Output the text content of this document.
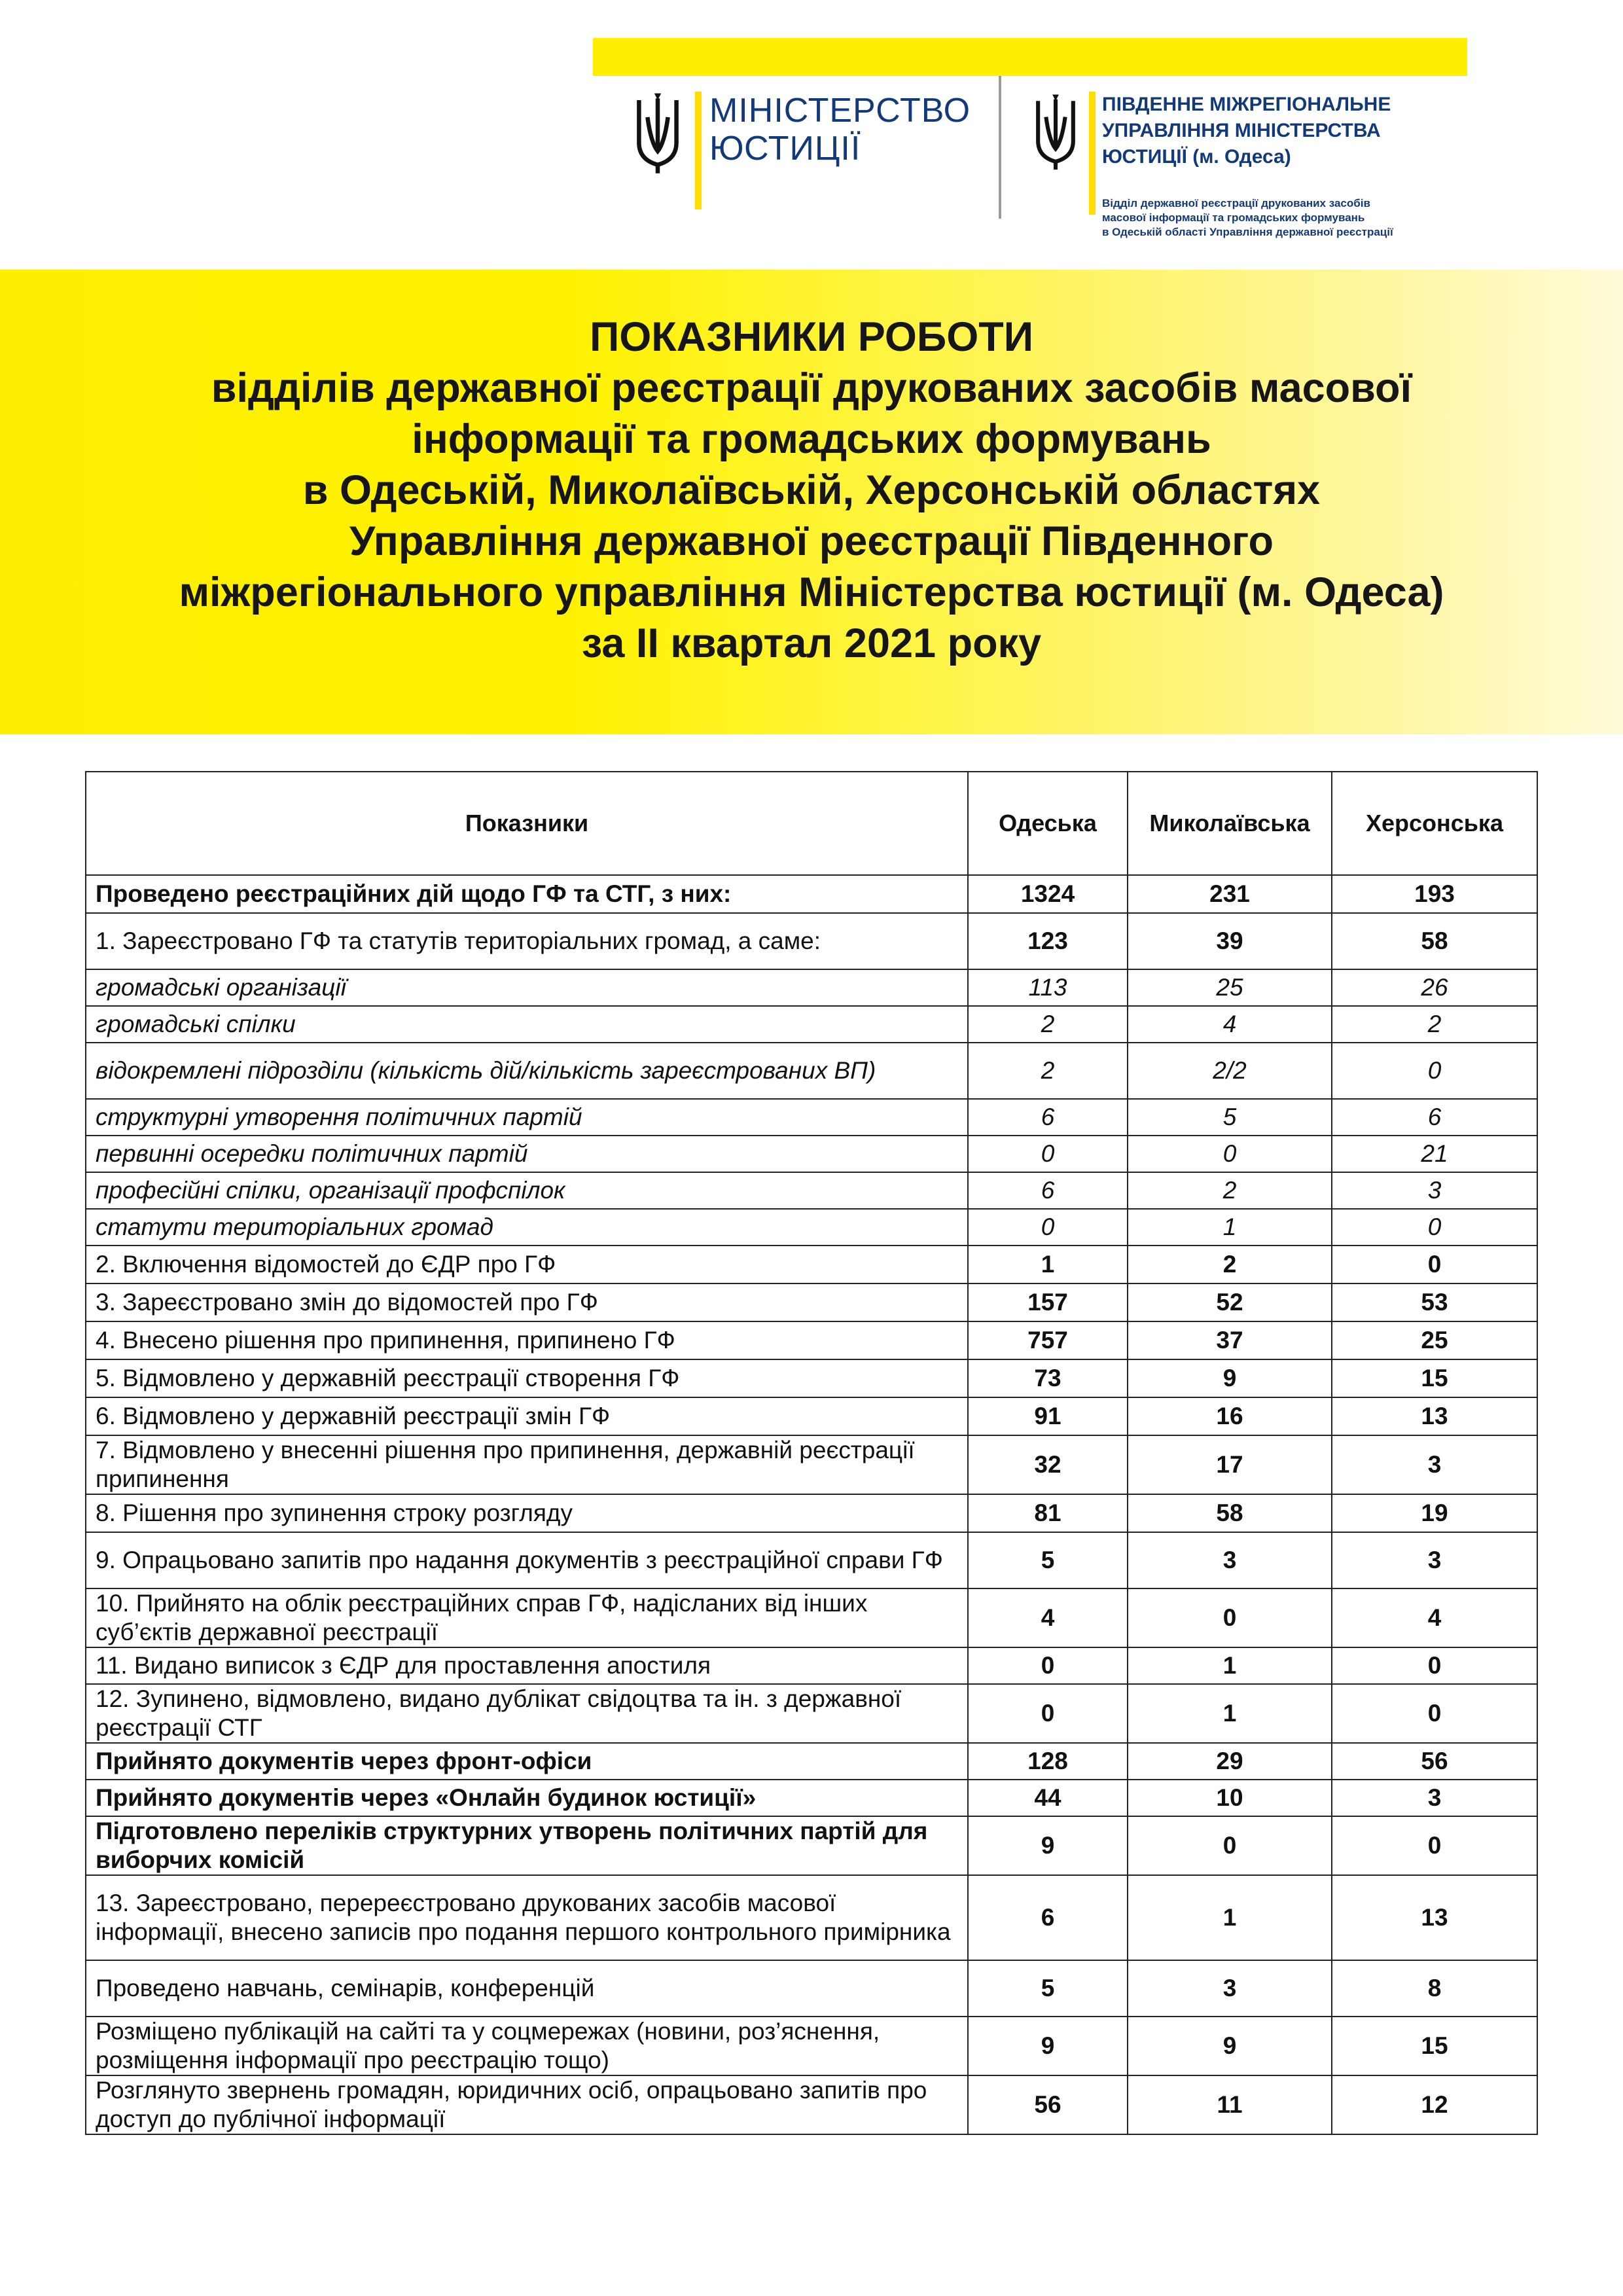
МІНІСТЕРСТВО
ЮСТИЦІЇ
ПІВДЕННЕ МІЖРЕГІОНАЛЬНЕ
УПРАВЛІННЯ МІНІСТЕРСТВА
ЮСТИЦІЇ (м. Одеса)
Відділ державної реєстрації друкованих засобів
масової інформації та громадських формувань
в Одеській області Управління державної реєстрації
ПОКАЗНИКИ РОБОТИ
відділів державної реєстрації друкованих засобів масової
інформації та громадських формувань
в Одеській, Миколаївській, Херсонській областях
Управління державної реєстрації Південного
міжрегіонального управління Міністерства юстиції (м. Одеса)
за ІІ квартал 2021 року
Показники	Одеська	Миколаївська	Херсонська
Проведено реєстраційних дій щодо ГФ та СТГ, з них:	1324	231	193
1. Зареєстровано ГФ та статутів територіальних громад, а саме:	123	39	58
громадські організації	113	25	26
громадські спілки	2	4	2
відокремлені підрозділи (кількість дій/кількість зареєстрованих ВП)	2	2/2	0
структурні утворення політичних партій	6	5	6
первинні осередки політичних партій	0	0	21
професійні спілки, організації профспілок	6	2	3
статути територіальних громад	0	1	0
2. Включення відомостей до ЄДР про ГФ	1	2	0
3. Зареєстровано змін до відомостей про ГФ	157	52	53
4. Внесено рішення про припинення, припинено ГФ	757	37	25
5. Відмовлено у державній реєстрації створення ГФ	73	9	15
6. Відмовлено у державній реєстрації змін ГФ	91	16	13
7. Відмовлено у внесенні рішення про припинення, державній реєстрації припинення	32	17	3
8. Рішення про зупинення строку розгляду	81	58	19
9. Опрацьовано запитів про надання документів з реєстраційної справи ГФ	5	3	3
10. Прийнято на облік реєстраційних справ ГФ, надісланих від інших суб’єктів державної реєстрації	4	0	4
11. Видано виписок з ЄДР для проставлення апостиля	0	1	0
12. Зупинено, відмовлено, видано дублікат свідоцтва та ін. з державної реєстрації СТГ	0	1	0
Прийнято документів через фронт-офіси	128	29	56
Прийнято документів через «Онлайн будинок юстиції»	44	10	3
Підготовлено переліків структурних утворень політичних партій для виборчих комісій	9	0	0
13. Зареєстровано, перереєстровано друкованих засобів масової інформації, внесено записів про подання першого контрольного примірника	6	1	13
Проведено навчань, семінарів, конференцій	5	3	8
Розміщено публікацій на сайті та у соцмережах (новини, роз’яснення, розміщення інформації про реєстрацію тощо)	9	9	15
Розглянуто звернень громадян, юридичних осіб, опрацьовано запитів про доступ до публічної інформації	56	11	12
